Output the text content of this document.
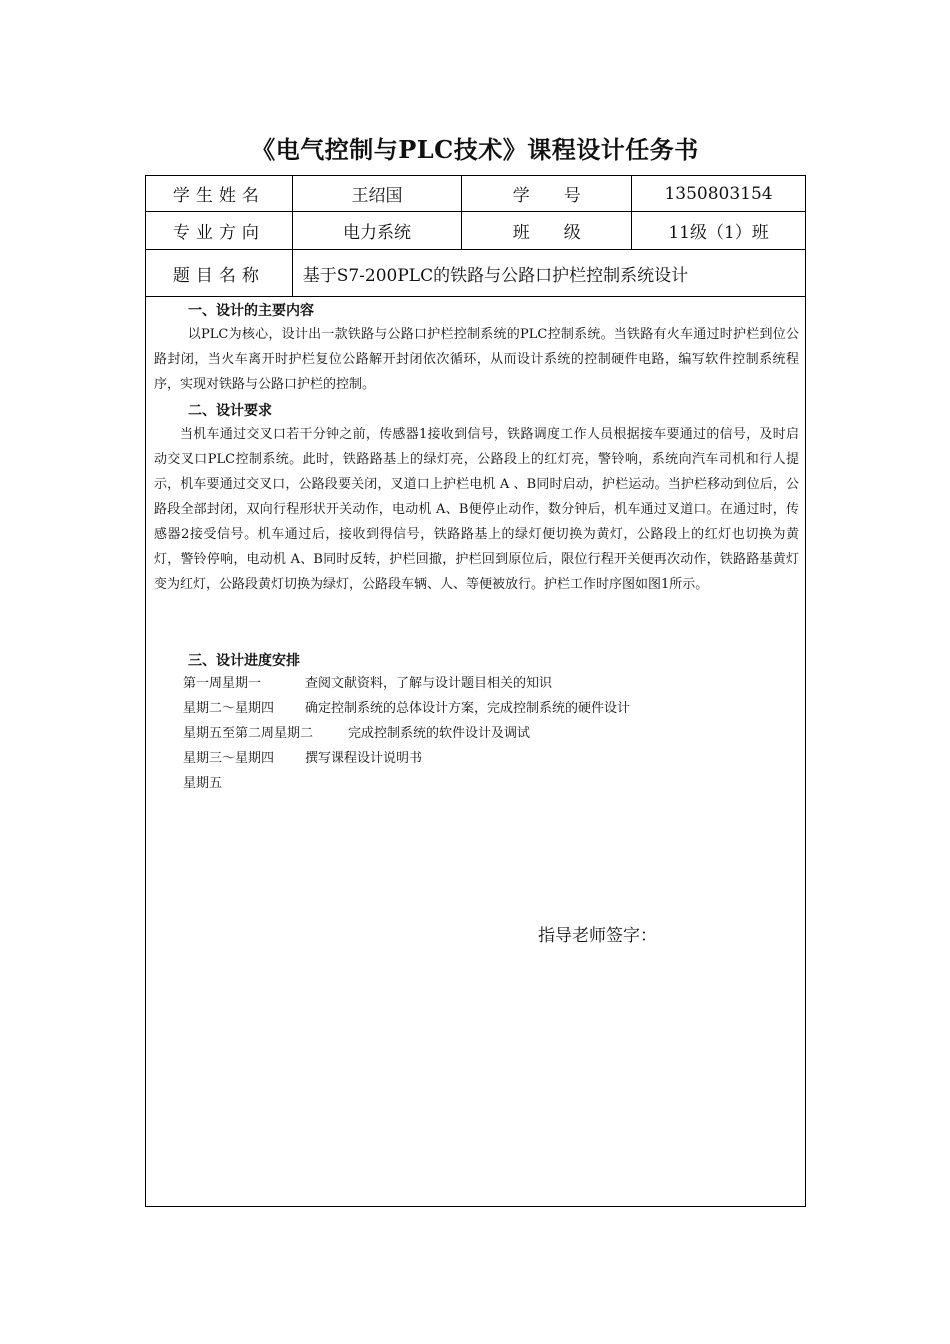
《电气控制与PLC技术》课程设计任务书
学生姓名	王绍国	学　　号	1350803154
专业方向	电力系统	班　　级	11级（1）班
题目名称	基于S7-200PLC的铁路与公路口护栏控制系统设计		
一、设计的主要内容
以PLC为核心，设计出一款铁路与公路口护栏控制系统的PLC控制系统。当铁路有火车通过时护栏到位公路封闭，当火车离开时护栏复位公路解开封闭依次循环，从而设计系统的控制硬件电路，编写软件控制系统程序，实现对铁路与公路口护栏的控制。
二、设计要求
当机车通过交叉口若干分钟之前，传感器1接收到信号，铁路调度工作人员根据接车要通过的信号，及时启动交叉口PLC控制系统。此时，铁路路基上的绿灯亮，公路段上的红灯亮，警铃响，系统向汽车司机和行人提示，机车要通过交叉口，公路段要关闭，叉道口上护栏电机 A 、B同时启动，护栏运动。当护栏移动到位后，公路段全部封闭，双向行程形状开关动作，电动机 A、B便停止动作，数分钟后，机车通过叉道口。在通过时，传感器2接受信号。机车通过后，接收到得信号，铁路路基上的绿灯便切换为黄灯，公路段上的红灯也切换为黄灯，警铃停响，电动机 A、B同时反转，护栏回撤，护栏回到原位后，限位行程开关便再次动作，铁路路基黄灯变为红灯，公路段黄灯切换为绿灯，公路段车辆、人、等便被放行。护栏工作时序图如图1所示。
三、设计进度安排
第一周星期一	查阅文献资料，了解与设计题目相关的知识
星期二～星期四	确定控制系统的总体设计方案，完成控制系统的硬件设计
星期五至第二周星期二	完成控制系统的软件设计及调试
星期三～星期四	撰写课程设计说明书
星期五
指导老师签字：
